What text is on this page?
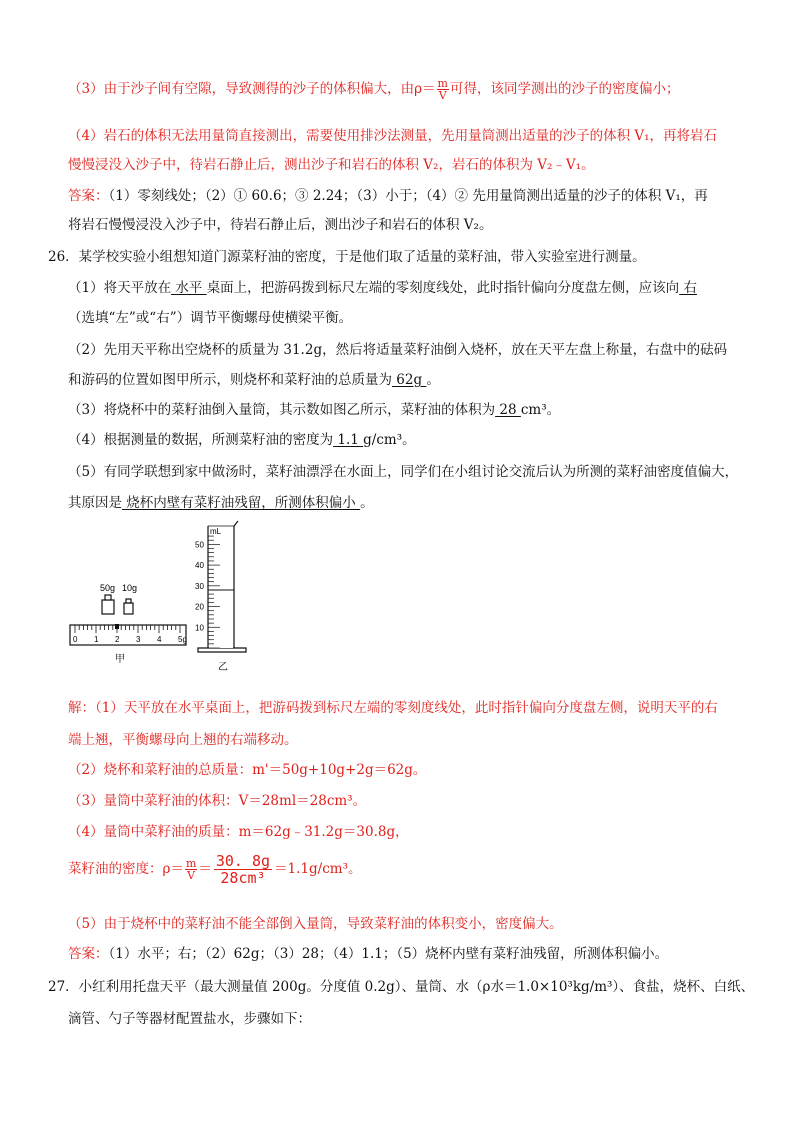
（3）由于沙子间有空隙，导致测得的沙子的体积偏大，由$\rho= \frac{m}{V}$ 可得，该同学测出的沙子的密度偏小；
（4）岩石的体积无法用量筒直接测出，需要使用排沙法测量，先用量筒测出适量的沙子的体积 V₁，再将岩石
慢慢浸没入沙子中，待岩石静止后，测出沙子和岩石的体积 V₂，岩石的体积为 V₂﹣V₁。
答案：（1）零刻线处；（2）① 60.6；③ 2.24；（3）小于；（4）② 先用量筒测出适量的沙子的体积 V₁，再
将岩石慢慢浸没入沙子中，待岩石静止后，测出沙子和岩石的体积 V₂。
26．某学校实验小组想知道门源菜籽油的密度，于是他们取了适量的菜籽油，带入实验室进行测量。
（1）将天平放在 水平 桌面上，把游码拨到标尺左端的零刻度线处，此时指针偏向分度盘左侧，应该向 右
（选填“左”或“右”）调节平衡螺母使横梁平衡。
（2）先用天平称出空烧杯的质量为 31.2g，然后将适量菜籽油倒入烧杯，放在天平左盘上称量，右盘中的砝码
和游码的位置如图甲所示，则烧杯和菜籽油的总质量为 62g 。
（3）将烧杯中的菜籽油倒入量筒，其示数如图乙所示，菜籽油的体积为 28 cm³。
（4）根据测量的数据，所测菜籽油的密度为 1.1 g/cm³。
（5）有同学联想到家中做汤时，菜籽油漂浮在水面上，同学们在小组讨论交流后认为所测的菜籽油密度值偏大，
其原因是 烧杯内壁有菜籽油残留，所测体积偏小 。
50g 10g
0 1 2 3 4 5g
甲
mL
50
40
30
20
10
乙
解：（1）天平放在水平桌面上，把游码拨到标尺左端的零刻度线处，此时指针偏向分度盘左侧，说明天平的右
端上翘，平衡螺母向上翘的右端移动。
（2）烧杯和菜籽油的总质量：m'＝50g+10g+2g＝62g。
（3）量筒中菜籽油的体积：V＝28ml＝28cm³。
（4）量筒中菜籽油的质量：m＝62g﹣31.2g＝30.8g，
菜籽油的密度：$\rho= \frac{m}{V} = \frac{30. 8g}{\text{28cm³}} =1.1g/cm^3$。
（5）由于烧杯中的菜籽油不能全部倒入量筒，导致菜籽油的体积变小，密度偏大。
答案：（1）水平；右；（2）62g；（3）28；（4）1.1；（5）烧杯内壁有菜籽油残留，所测体积偏小。
27．小红利用托盘天平（最大测量值 200g。分度值 0.2g）、量筒、水（ρ水＝1.0×10³kg/m³）、食盐，烧杯、白纸、
滴管、勺子等器材配置盐水，步骤如下：
